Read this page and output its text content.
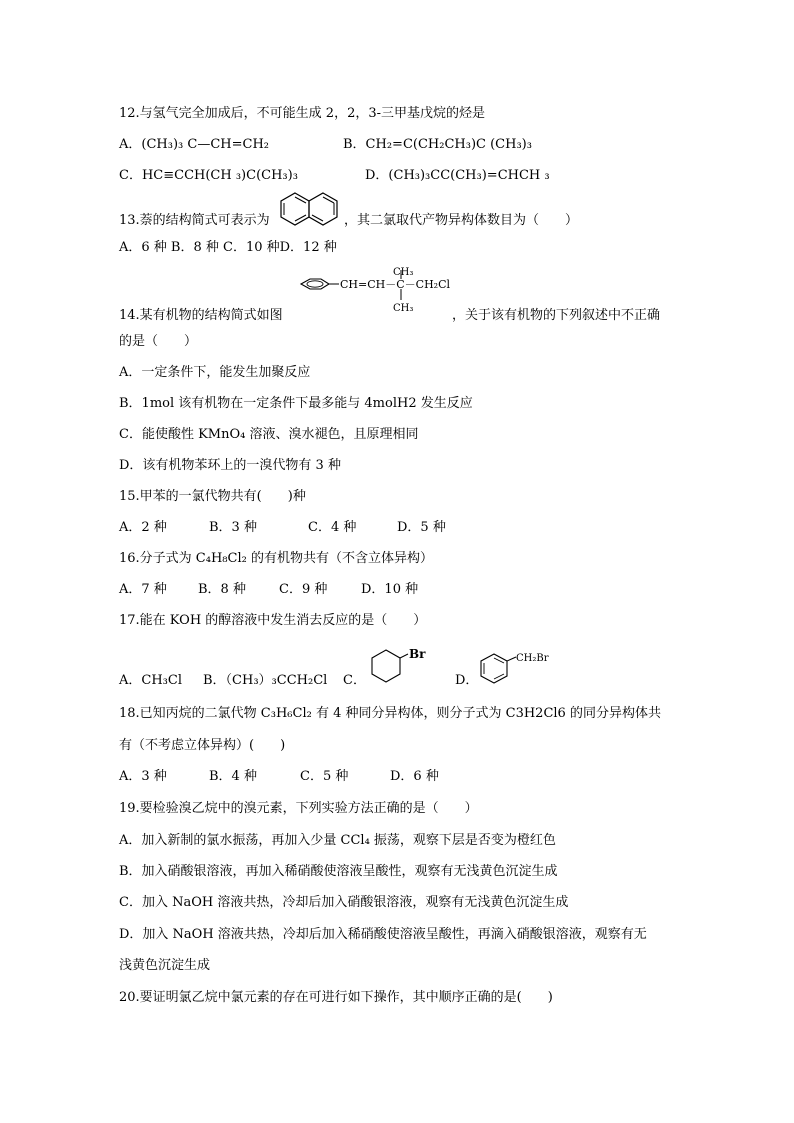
12.与氢气完全加成后，不可能生成 2，2，3-三甲基戊烷的烃是
A．(CH₃)₃ C—CH=CH₂	B．CH₂=C(CH₂CH₃)C (CH₃)₃
C．HC≡CCH(CH ₃)C(CH₃)₃	D．(CH₃)₃CC(CH₃)=CHCH ₃
13.萘的结构简式可表示为	，其二氯取代产物异构体数目为（　　）
A．6 种 B．8 种 C．10 种D．12 种
CH₃
CH=CH－C－CH₂Cl
CH₃
14.某有机物的结构简式如图	，关于该有机物的下列叙述中不正确
的是（　　）
A．一定条件下，能发生加聚反应
B．1mol 该有机物在一定条件下最多能与 4molH2 发生反应
C．能使酸性 KMnO₄ 溶液、溴水褪色，且原理相同
D．该有机物苯环上的一溴代物有 3 种
15.甲苯的一氯代物共有(　　)种
A．2 种	B．3 种	C．4 种	D．5 种
16.分子式为 C₄H₈Cl₂ 的有机物共有（不含立体异构）
A．7 种 B．8 种	C．9 种	D．10 种
17.能在 KOH 的醇溶液中发生消去反应的是（　　）
A．CH₃Cl B．（CH₃）₃CCH₂Cl C．
Br
D．
CH₂Br
18.已知丙烷的二氯代物 C₃H₆Cl₂ 有 4 种同分异构体，则分子式为 C3H2Cl6 的同分异构体共
有（不考虑立体异构）(　　)
A．3 种	B．4 种	C．5 种	D．6 种
19.要检验溴乙烷中的溴元素，下列实验方法正确的是（　　）
A．加入新制的氯水振荡，再加入少量 CCl₄ 振荡，观察下层是否变为橙红色
B．加入硝酸银溶液，再加入稀硝酸使溶液呈酸性，观察有无浅黄色沉淀生成
C．加入 NaOH 溶液共热，冷却后加入硝酸银溶液，观察有无浅黄色沉淀生成
D．加入 NaOH 溶液共热，冷却后加入稀硝酸使溶液呈酸性，再滴入硝酸银溶液，观察有无
浅黄色沉淀生成
20.要证明氯乙烷中氯元素的存在可进行如下操作，其中顺序正确的是(　　)
